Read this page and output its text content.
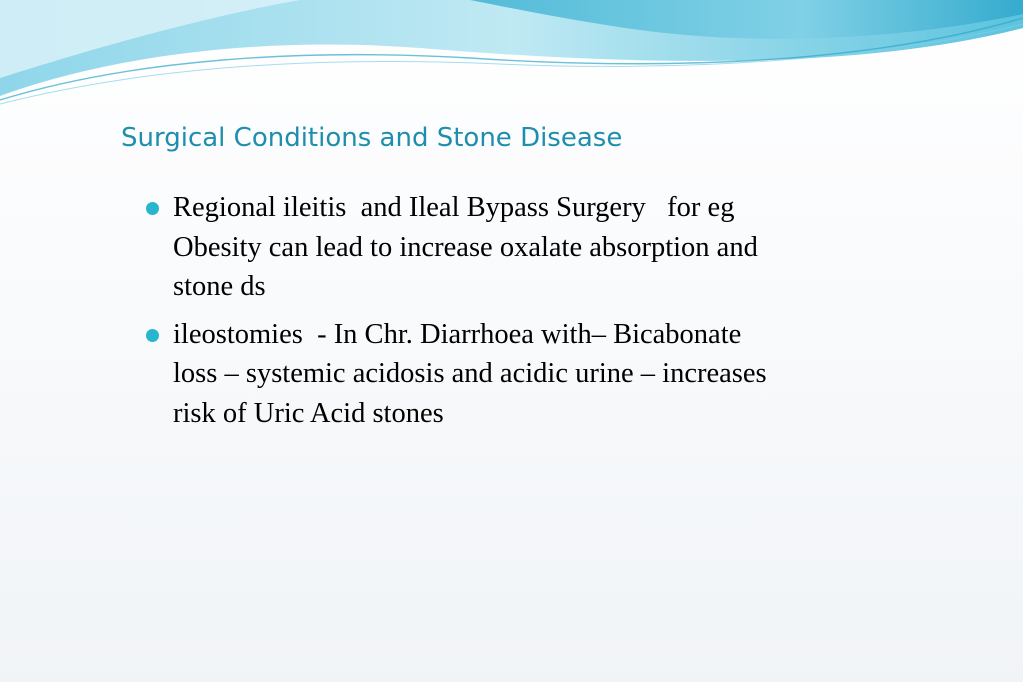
Surgical Conditions and Stone Disease
Regional ileitis  and Ileal Bypass Surgery   for eg
Obesity can lead to increase oxalate absorption and
stone ds
ileostomies  - In Chr. Diarrhoea with– Bicabonate
loss – systemic acidosis and acidic urine – increases
risk of Uric Acid stones
